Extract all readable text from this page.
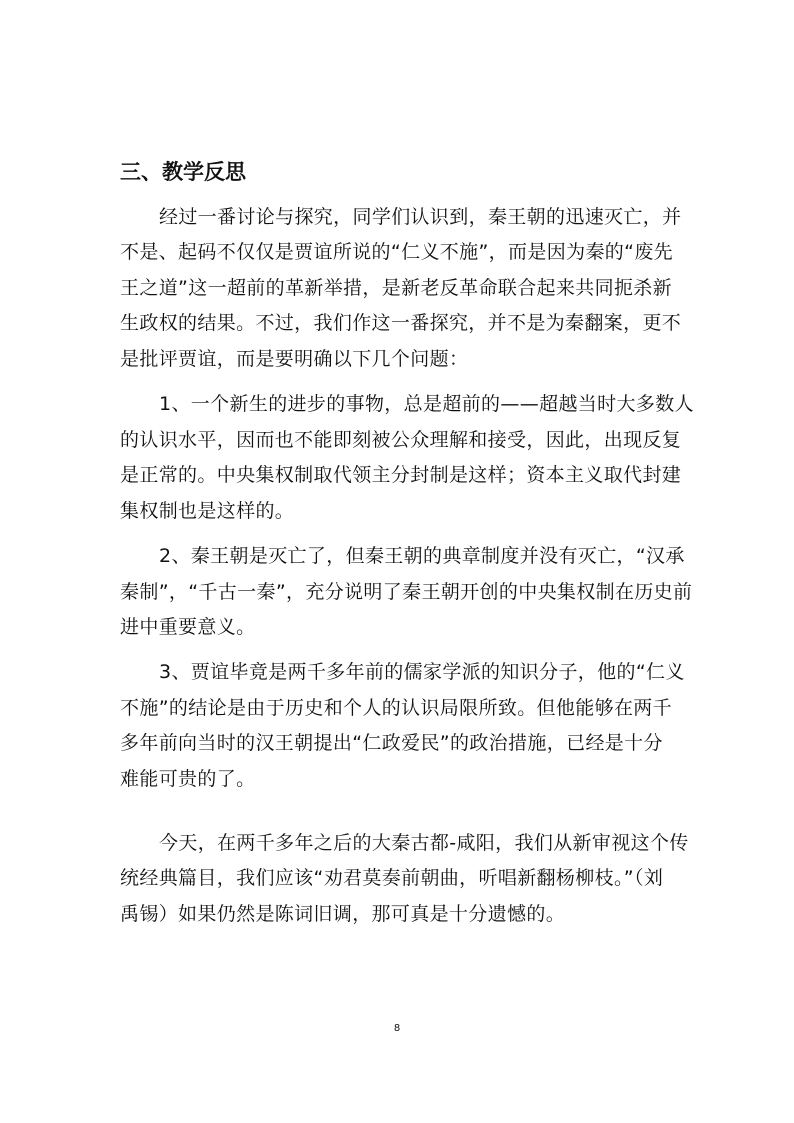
三、教学反思

经过一番讨论与探究，同学们认识到，秦王朝的迅速灭亡，并

不是、起码不仅仅是贾谊所说的“仁义不施”，而是因为秦的“废先

王之道”这一超前的革新举措，是新老反革命联合起来共同扼杀新

生政权的结果。不过，我们作这一番探究，并不是为秦翻案，更不

是批评贾谊，而是要明确以下几个问题：

1、一个新生的进步的事物，总是超前的——超越当时大多数人

的认识水平，因而也不能即刻被公众理解和接受，因此，出现反复

是正常的。中央集权制取代领主分封制是这样；资本主义取代封建

集权制也是这样的。

2、秦王朝是灭亡了，但秦王朝的典章制度并没有灭亡，“汉承

秦制”，“千古一秦”，充分说明了秦王朝开创的中央集权制在历史前

进中重要意义。

3、贾谊毕竟是两千多年前的儒家学派的知识分子，他的“仁义

不施”的结论是由于历史和个人的认识局限所致。但他能够在两千

多年前向当时的汉王朝提出“仁政爱民”的政治措施，已经是十分

难能可贵的了。

今天，在两千多年之后的大秦古都-咸阳，我们从新审视这个传

统经典篇目，我们应该“劝君莫奏前朝曲，听唱新翻杨柳枝。”（刘

禹锡）如果仍然是陈词旧调，那可真是十分遗憾的。

8
